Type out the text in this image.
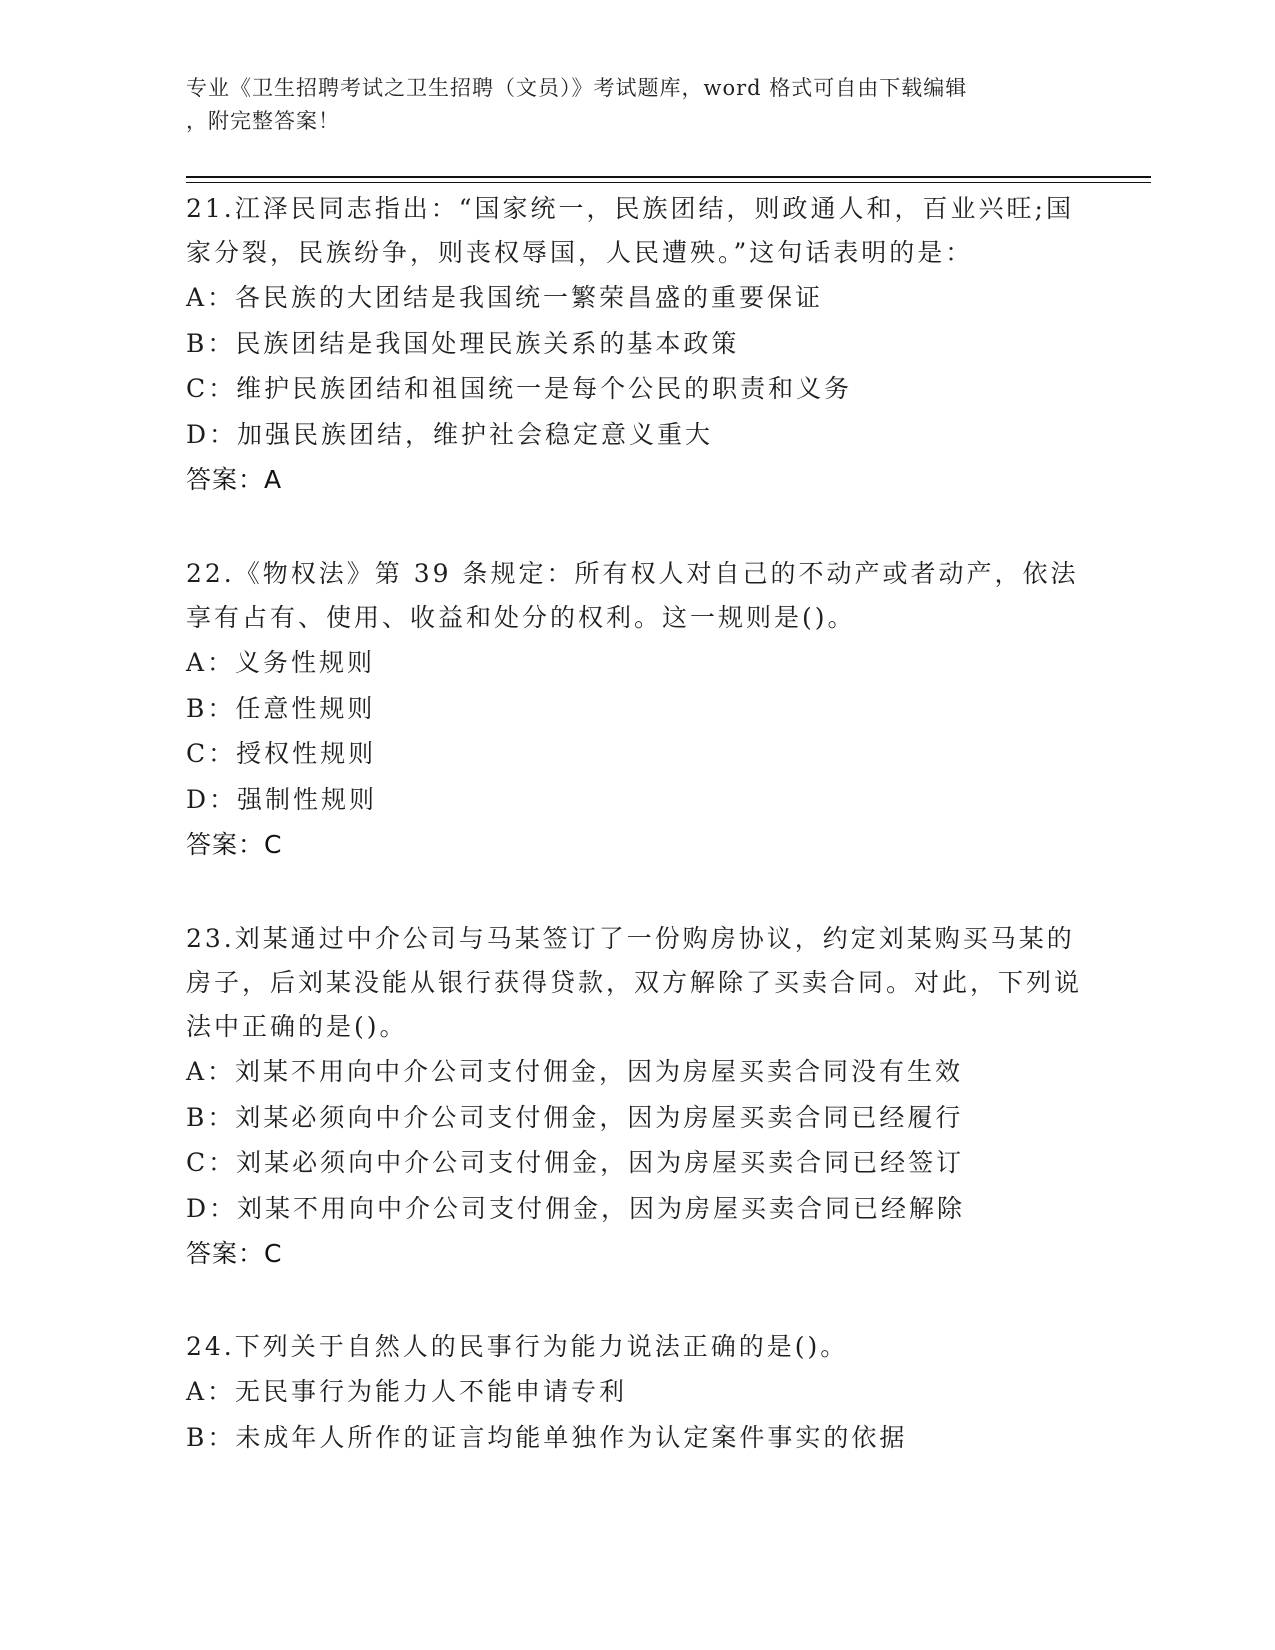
专业《卫生招聘考试之卫生招聘（文员）》考试题库，word 格式可自由下载编辑
，附完整答案！

21.江泽民同志指出：“国家统一，民族团结，则政通人和，百业兴旺;国家分裂，民族纷争，则丧权辱国，人民遭殃。”这句话表明的是：

A：各民族的大团结是我国统一繁荣昌盛的重要保证

B：民族团结是我国处理民族关系的基本政策

C：维护民族团结和祖国统一是每个公民的职责和义务

D：加强民族团结，维护社会稳定意义重大

答案：A

22.《物权法》第 39 条规定：所有权人对自己的不动产或者动产，依法享有占有、使用、收益和处分的权利。这一规则是()。

A：义务性规则

B：任意性规则

C：授权性规则

D：强制性规则

答案：C

23.刘某通过中介公司与马某签订了一份购房协议，约定刘某购买马某的房子，后刘某没能从银行获得贷款，双方解除了买卖合同。对此，下列说法中正确的是()。

A：刘某不用向中介公司支付佣金，因为房屋买卖合同没有生效

B：刘某必须向中介公司支付佣金，因为房屋买卖合同已经履行

C：刘某必须向中介公司支付佣金，因为房屋买卖合同已经签订

D：刘某不用向中介公司支付佣金，因为房屋买卖合同已经解除

答案：C

24.下列关于自然人的民事行为能力说法正确的是()。

A：无民事行为能力人不能申请专利

B：未成年人所作的证言均能单独作为认定案件事实的依据
